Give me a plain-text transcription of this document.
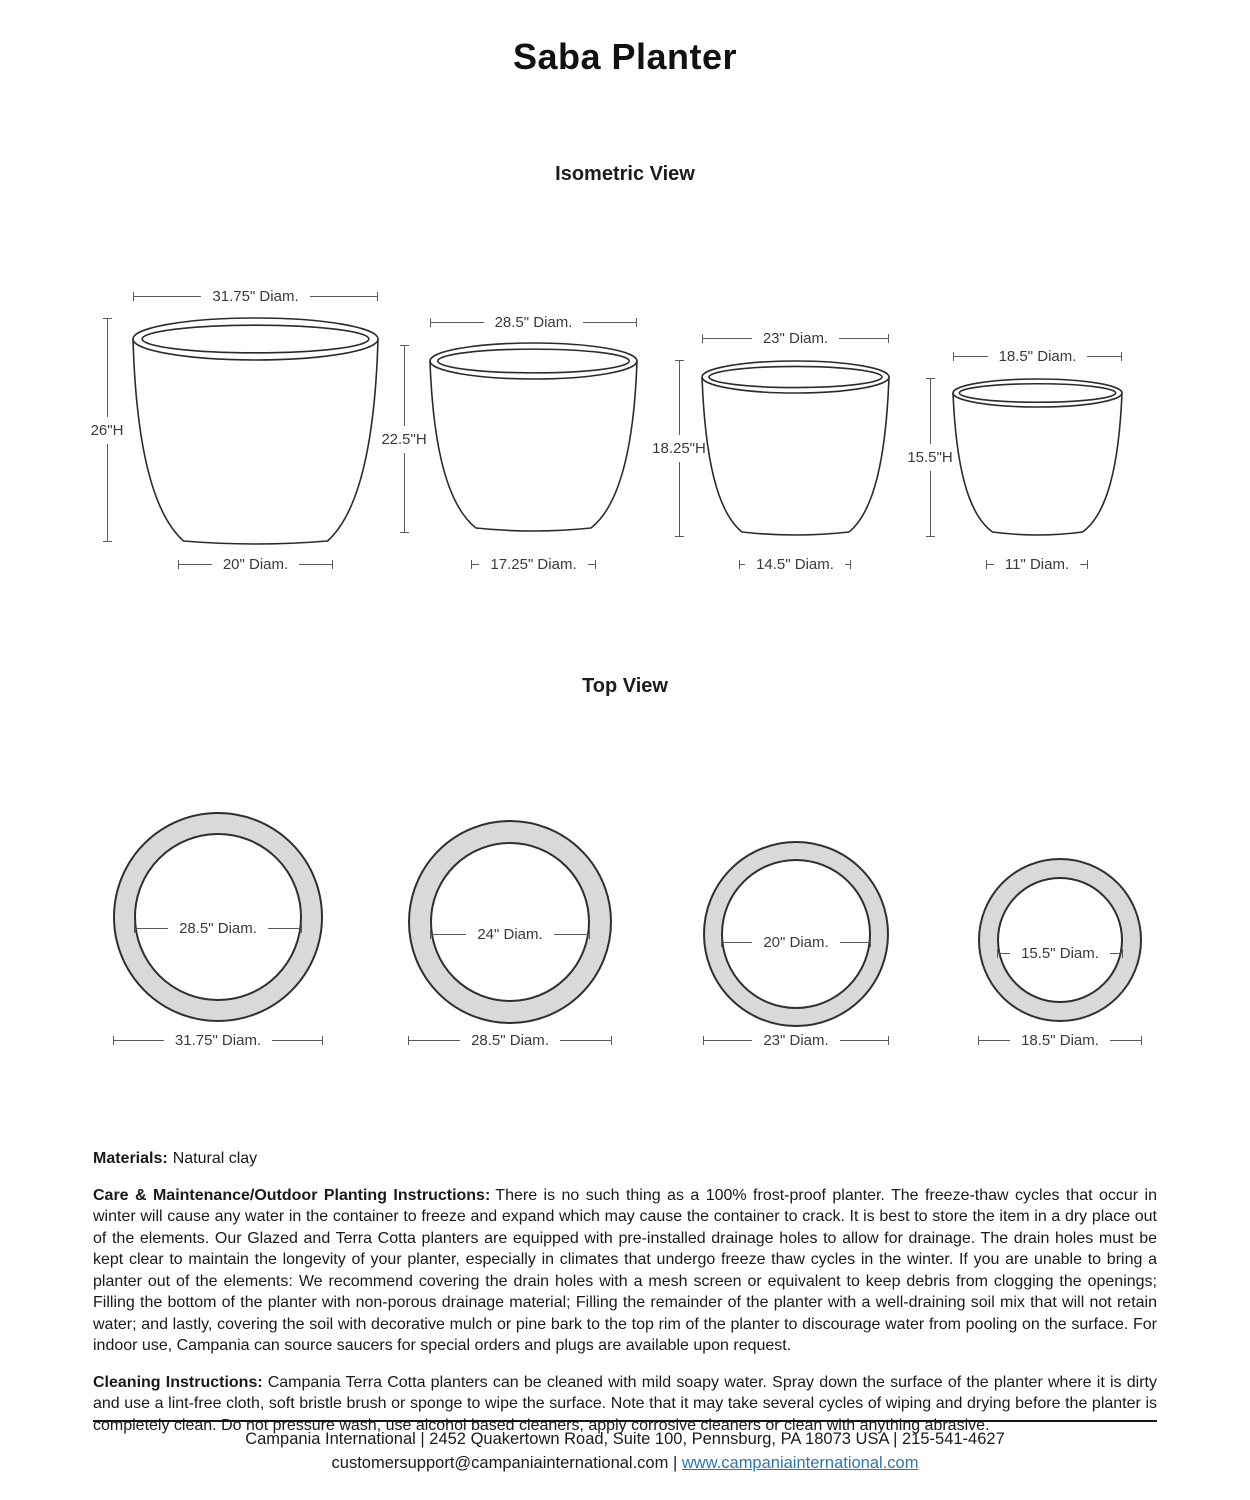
Saba Planter
Isometric View
31.75" Diam.
26"H
20" Diam.
28.5" Diam.
22.5"H
17.25" Diam.
23" Diam.
18.25"H
14.5" Diam.
18.5" Diam.
15.5"H
11" Diam.
Top View
28.5" Diam.
31.75" Diam.
24" Diam.
28.5" Diam.
20" Diam.
23" Diam.
15.5" Diam.
18.5" Diam.

Materials: Natural clay

Care & Maintenance/Outdoor Planting Instructions: There is no such thing as a 100% frost-proof planter. The freeze-thaw cycles that occur in winter will cause any water in the container to freeze and expand which may cause the container to crack. It is best to store the item in a dry place out of the elements. Our Glazed and Terra Cotta planters are equipped with pre-installed drainage holes to allow for drainage. The drain holes must be kept clear to maintain the longevity of your planter, especially in climates that undergo freeze thaw cycles in the winter. If you are unable to bring a planter out of the elements: We recommend covering the drain holes with a mesh screen or equivalent to keep debris from clogging the openings; Filling the bottom of the planter with non-porous drainage material; Filling the remainder of the planter with a well-draining soil mix that will not retain water; and lastly, covering the soil with decorative mulch or pine bark to the top rim of the planter to discourage water from pooling on the surface. For indoor use, Campania can source saucers for special orders and plugs are available upon request.

Cleaning Instructions: Campania Terra Cotta planters can be cleaned with mild soapy water. Spray down the surface of the planter where it is dirty and use a lint-free cloth, soft bristle brush or sponge to wipe the surface. Note that it may take several cycles of wiping and drying before the planter is completely clean. Do not pressure wash, use alcohol based cleaners, apply corrosive cleaners or clean with anything abrasive.

Campania International | 2452 Quakertown Road, Suite 100, Pennsburg, PA 18073 USA | 215-541-4627
customersupport@campaniainternational.com | www.campaniainternational.com
